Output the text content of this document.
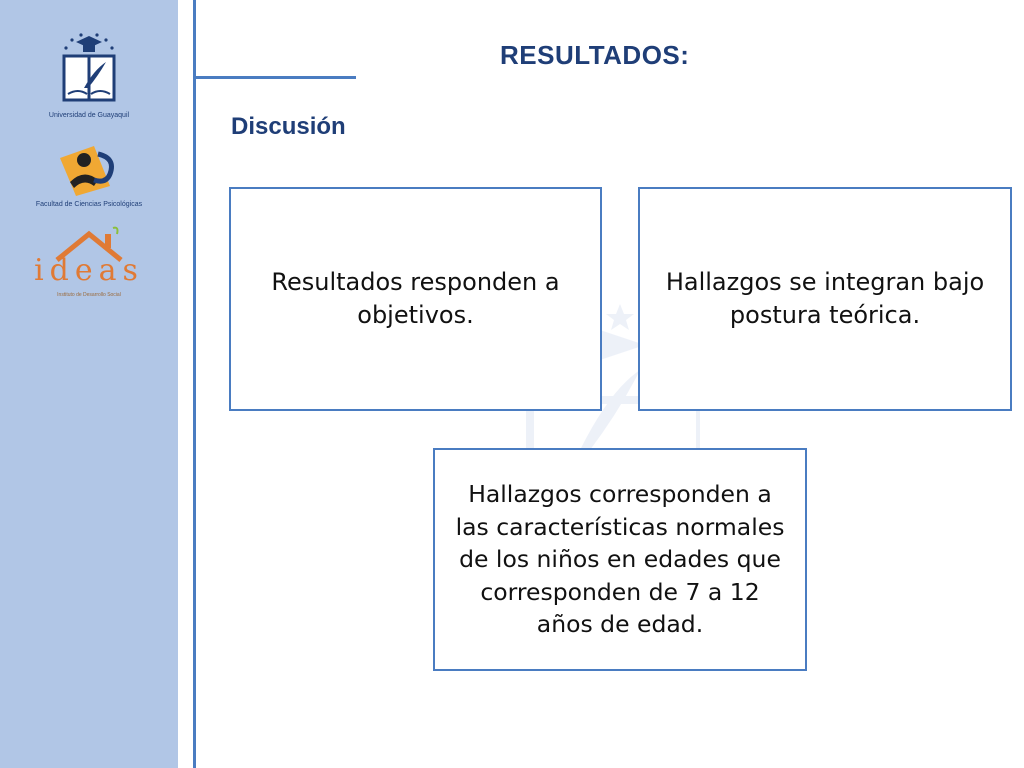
Universidad de Guayaquil
Facultad de Ciencias Psicológicas
ideas
Instituto de Desarrollo Social
RESULTADOS:
Discusión
Resultados responden a objetivos.
Hallazgos se integran bajo postura teórica.
Hallazgos corresponden a las características normales de los niños en edades que corresponden de 7 a 12 años de edad.
